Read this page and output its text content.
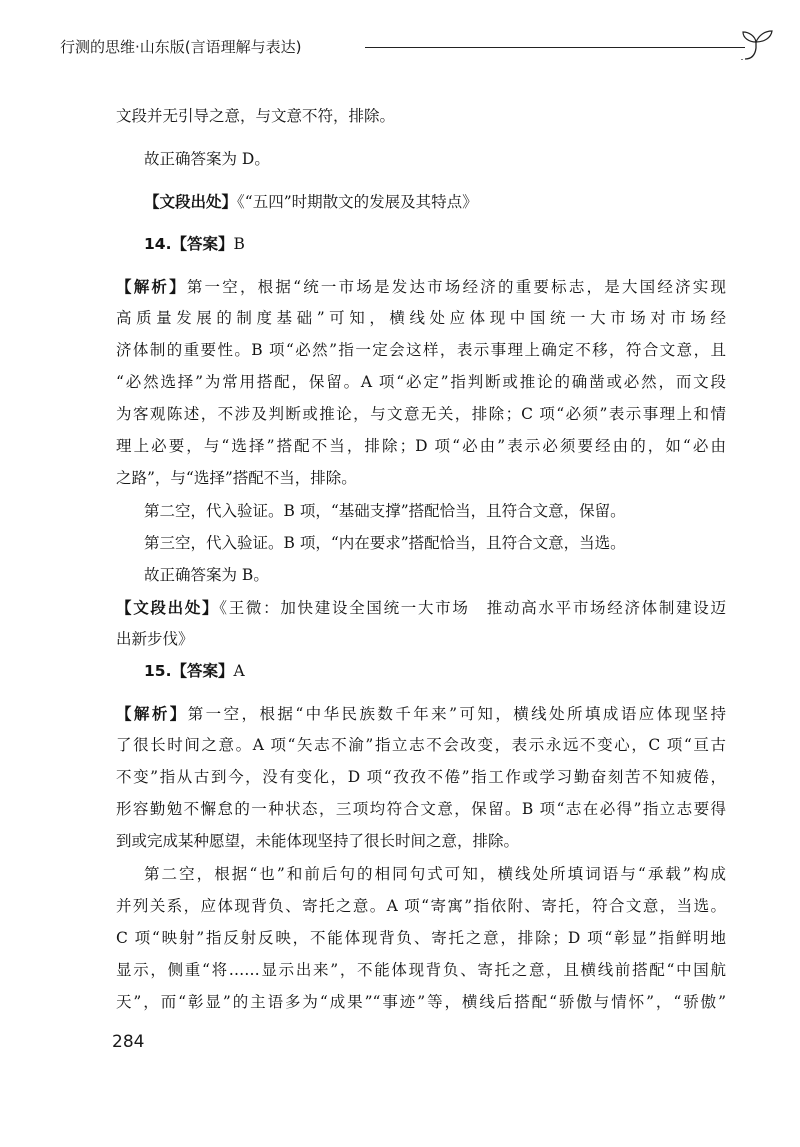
行测的思维·山东版(言语理解与表达)
文段并无引导之意，与文意不符，排除。
故正确答案为 D。
【文段出处】《“五四”时期散文的发展及其特点》
14.【答案】B
【解析】第一空，根据“统一市场是发达市场经济的重要标志，是大国经济实现
高质量发展的制度基础”可知，横线处应体现中国统一大市场对市场经
济体制的重要性。B 项“必然”指一定会这样，表示事理上确定不移，符合文意，且
“必然选择”为常用搭配，保留。A 项“必定”指判断或推论的确凿或必然，而文段
为客观陈述，不涉及判断或推论，与文意无关，排除；C 项“必须”表示事理上和情
理上必要，与“选择”搭配不当，排除；D 项“必由”表示必须要经由的，如“必由
之路”，与“选择”搭配不当，排除。
第二空，代入验证。B 项，“基础支撑”搭配恰当，且符合文意，保留。
第三空，代入验证。B 项，“内在要求”搭配恰当，且符合文意，当选。
故正确答案为 B。
【文段出处】《王微：加快建设全国统一大市场　推动高水平市场经济体制建设迈
出新步伐》
15.【答案】A
【解析】第一空，根据“中华民族数千年来”可知，横线处所填成语应体现坚持
了很长时间之意。A 项“矢志不渝”指立志不会改变，表示永远不变心，C 项“亘古
不变”指从古到今，没有变化，D 项“孜孜不倦”指工作或学习勤奋刻苦不知疲倦，
形容勤勉不懈怠的一种状态，三项均符合文意，保留。B 项“志在必得”指立志要得
到或完成某种愿望，未能体现坚持了很长时间之意，排除。
第二空，根据“也”和前后句的相同句式可知，横线处所填词语与“承载”构成
并列关系，应体现背负、寄托之意。A 项“寄寓”指依附、寄托，符合文意，当选。
C 项“映射”指反射反映，不能体现背负、寄托之意，排除；D 项“彰显”指鲜明地
显示，侧重“将……显示出来”，不能体现背负、寄托之意，且横线前搭配“中国航
天”，而“彰显”的主语多为“成果”“事迹”等，横线后搭配“骄傲与情怀”，“骄傲”
284
